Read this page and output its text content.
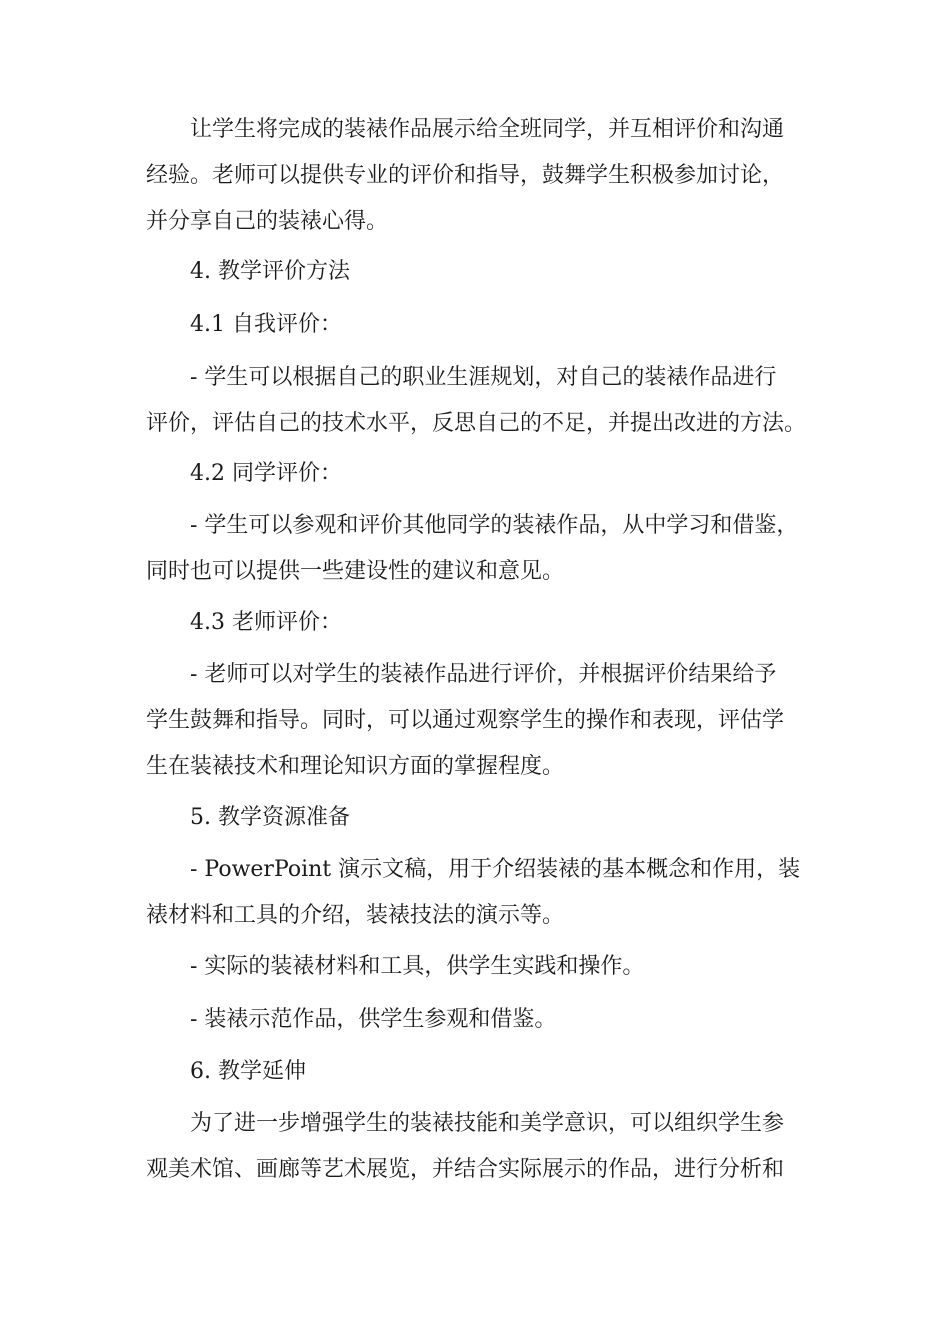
让学生将完成的装裱作品展示给全班同学，并互相评价和沟通
经验。老师可以提供专业的评价和指导，鼓舞学生积极参加讨论，
并分享自己的装裱心得。
4. 教学评价方法
4.1 自我评价：
- 学生可以根据自己的职业生涯规划，对自己的装裱作品进行
评价，评估自己的技术水平，反思自己的不足，并提出改进的方法。
4.2 同学评价：
- 学生可以参观和评价其他同学的装裱作品，从中学习和借鉴，
同时也可以提供一些建设性的建议和意见。
4.3 老师评价：
- 老师可以对学生的装裱作品进行评价，并根据评价结果给予
学生鼓舞和指导。同时，可以通过观察学生的操作和表现，评估学
生在装裱技术和理论知识方面的掌握程度。
5. 教学资源准备
- PowerPoint 演示文稿，用于介绍装裱的基本概念和作用，装
裱材料和工具的介绍，装裱技法的演示等。
- 实际的装裱材料和工具，供学生实践和操作。
- 装裱示范作品，供学生参观和借鉴。
6. 教学延伸
为了进一步增强学生的装裱技能和美学意识，可以组织学生参
观美术馆、画廊等艺术展览，并结合实际展示的作品，进行分析和
